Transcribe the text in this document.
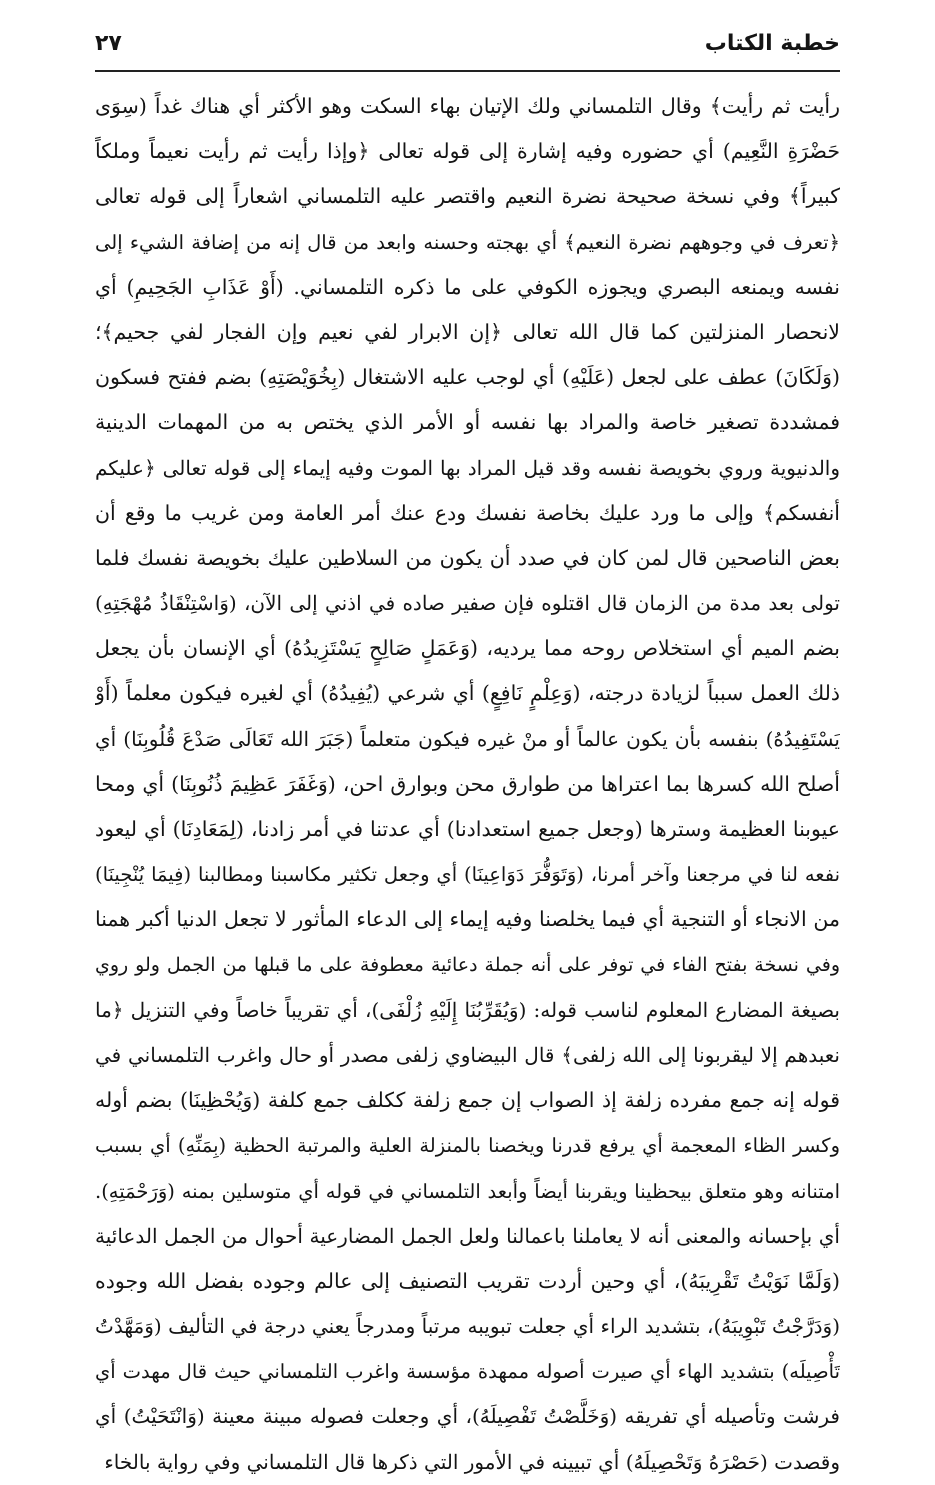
خطبة الكتاب
٢٧
رأيت ثم رأيت﴾ وقال التلمساني ولك الإتيان بهاء السكت وهو الأكثر أي هناك غداً (سِوَى
حَضْرَةِ النَّعِيم) أي حضوره وفيه إشارة إلى قوله تعالى ﴿وإذا رأيت ثم رأيت نعيماً وملكاً
كبيراً﴾ وفي نسخة صحيحة نضرة النعيم واقتصر عليه التلمساني اشعاراً إلى قوله تعالى
﴿تعرف في وجوههم نضرة النعيم﴾ أي بهجته وحسنه وابعد من قال إنه من إضافة الشيء إلى
نفسه ويمنعه البصري ويجوزه الكوفي على ما ذكره التلمساني. (أَوْ عَذَابِ الجَحِيمِ) أي
لانحصار المنزلتين كما قال الله تعالى ﴿إن الابرار لفي نعيم وإن الفجار لفي جحيم﴾؛
(وَلَكَانَ) عطف على لجعل (عَلَيْهِ) أي لوجب عليه الاشتغال (بِخُوَيْصَتِهِ) بضم ففتح فسكون
فمشددة تصغير خاصة والمراد بها نفسه أو الأمر الذي يختص به من المهمات الدينية
والدنيوية وروي بخويصة نفسه وقد قيل المراد بها الموت وفيه إيماء إلى قوله تعالى ﴿عليكم
أنفسكم﴾ وإلى ما ورد عليك بخاصة نفسك ودع عنك أمر العامة ومن غريب ما وقع أن
بعض الناصحين قال لمن كان في صدد أن يكون من السلاطين عليك بخويصة نفسك فلما
تولى بعد مدة من الزمان قال اقتلوه فإن صفير صاده في اذني إلى الآن، (وَاسْتِنْقَاذُ مُهْجَتِهِ)
بضم الميم أي استخلاص روحه مما يرديه، (وَعَمَلٍ صَالِحٍ يَسْتَزِيدُهُ) أي الإنسان بأن يجعل
ذلك العمل سبباً لزيادة درجته، (وَعِلْمٍ نَافِعٍ) أي شرعي (يُفِيدُهُ) أي لغيره فيكون معلماً (أَوْ
يَسْتَفِيدُهُ) بنفسه بأن يكون عالماً أو منْ غيره فيكون متعلماً (جَبَرَ الله تَعَالَى صَدْعَ قُلُوبِنَا) أي
أصلح الله كسرها بما اعتراها من طوارق محن وبوارق احن، (وَغَفَرَ عَظِيمَ ذُنُوبِنَا) أي ومحا
عيوبنا العظيمة وسترها (وجعل جميع استعدادنا) أي عدتنا في أمر زادنا، (لِمَعَادِنَا) أي ليعود
نفعه لنا في مرجعنا وآخر أمرنا، (وَتَوَفُّرَ دَوَاعِينَا) أي وجعل تكثير مكاسبنا ومطالبنا (فِيمَا يُنْجِينَا)
من الانجاء أو التنجية أي فيما يخلصنا وفيه إيماء إلى الدعاء المأثور لا تجعل الدنيا أكبر همنا
وفي نسخة بفتح الفاء في توفر على أنه جملة دعائية معطوفة على ما قبلها من الجمل ولو روي
بصيغة المضارع المعلوم لناسب قوله: (وَيُقَرِّبُنَا إِلَيْهِ زُلْفَى)، أي تقريباً خاصاً وفي التنزيل ﴿ما
نعبدهم إلا ليقربونا إلى الله زلفى﴾ قال البيضاوي زلفى مصدر أو حال واغرب التلمساني في
قوله إنه جمع مفرده زلفة إذ الصواب إن جمع زلفة ككلف جمع كلفة (وَيُحْظِينَا) بضم أوله
وكسر الظاء المعجمة أي يرفع قدرنا ويخصنا بالمنزلة العلية والمرتبة الحظية (بِمَنِّهِ) أي بسبب
امتنانه وهو متعلق بيحظينا ويقربنا أيضاً وأبعد التلمساني في قوله أي متوسلين بمنه (وَرَحْمَتِهِ).
أي بإحسانه والمعنى أنه لا يعاملنا باعمالنا ولعل الجمل المضارعية أحوال من الجمل الدعائية
(وَلَمَّا نَوَيْتُ تَقْرِيبَهُ)، أي وحين أردت تقريب التصنيف إلى عالم وجوده بفضل الله وجوده
(وَدَرَّجْتُ تَبْوِيبَهُ)، بتشديد الراء أي جعلت تبويبه مرتباً ومدرجاً يعني درجة في التأليف (وَمَهَّدْتُ
تَأْصِيلَه) بتشديد الهاء أي صيرت أصوله ممهدة مؤسسة واغرب التلمساني حيث قال مهدت أي
فرشت وتأصيله أي تفريقه (وَخَلَّصْتُ تَفْصِيلَهُ)، أي وجعلت فصوله مبينة معينة (وَانْتَحَيْتُ) أي
وقصدت (حَصْرَهُ وَتَحْصِيلَهُ) أي تبيينه في الأمور التي ذكرها قال التلمساني وفي رواية بالخاء
